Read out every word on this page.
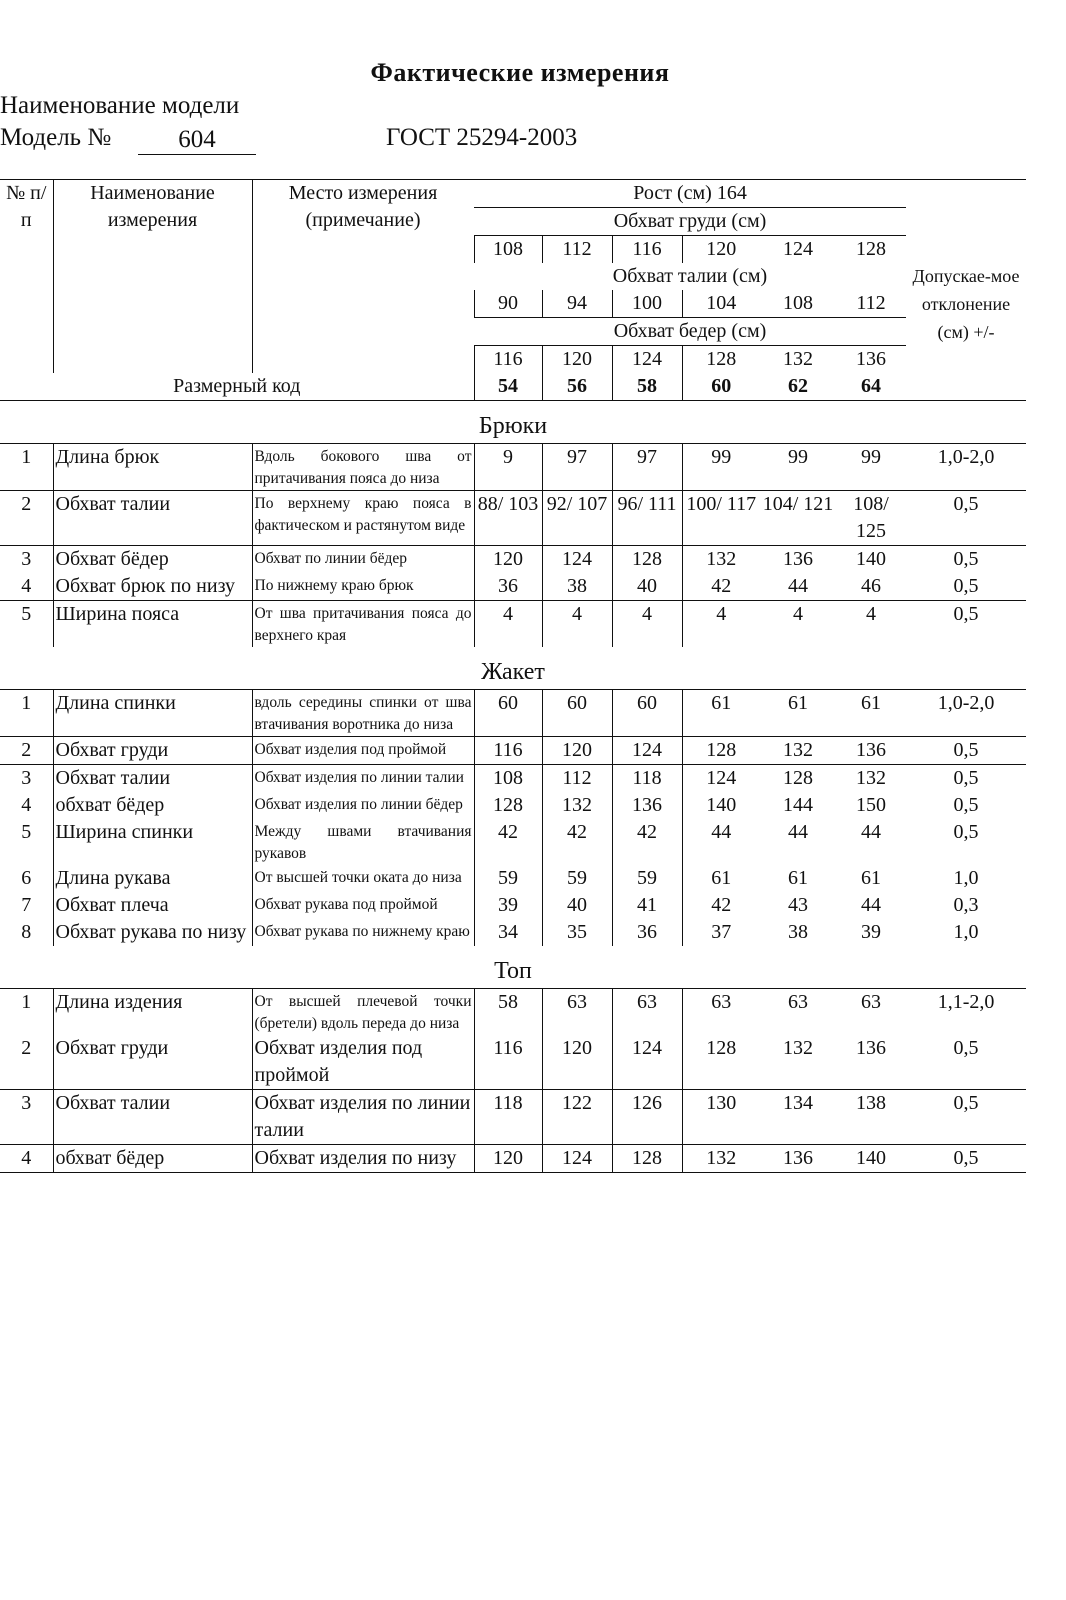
Фактические измерения
Наименование модели
Модель №	604	ГОСТ 25294-2003
№ п/ п	Наименование измерения	Место измерения (примечание)	Рост (см) 164						
			Обхват груди (см)						
			108	112	116	120	124	128	Допускае-мое отклонение (см) +/-
			Обхват талии (см)						
			90	94	100	104	108	112	
			Обхват бедер (см)						
			116	120	124	128	132	136	
Размерный код			54	56	58	60	62	64	
Брюки									
1	Длина брюк	Вдоль бокового шва от притачивания пояса до низа	9	97	97	99	99	99	1,0-2,0
2	Обхват талии	По верхнему краю пояса в фактическом и растянутом виде	88/ 103	92/ 107	96/ 111	100/ 117	104/ 121	108/ 125	0,5
3	Обхват бёдер	Обхват по линии бёдер	120	124	128	132	136	140	0,5
4	Обхват брюк по низу	По нижнему краю брюк	36	38	40	42	44	46	0,5
5	Ширина пояса	От шва притачивания пояса до верхнего края	4	4	4	4	4	4	0,5
Жакет									
1	Длина спинки	вдоль середины спинки от шва втачивания воротника до низа	60	60	60	61	61	61	1,0-2,0
2	Обхват груди	Обхват изделия под проймой	116	120	124	128	132	136	0,5
3	Обхват талии	Обхват изделия по линии талии	108	112	118	124	128	132	0,5
4	обхват бёдер	Обхват изделия по линии бёдер	128	132	136	140	144	150	0,5
5	Ширина спинки	Между швами втачивания рукавов	42	42	42	44	44	44	0,5
6	Длина рукава	От высшей точки оката до низа	59	59	59	61	61	61	1,0
7	Обхват плеча	Обхват рукава под проймой	39	40	41	42	43	44	0,3
8	Обхват рукава по низу	Обхват рукава по нижнему краю	34	35	36	37	38	39	1,0
Топ									
1	Длина издения	От высшей плечевой точки (бретели) вдоль переда до низа	58	63	63	63	63	63	1,1-2,0
2	Обхват груди	Обхват изделия под проймой	116	120	124	128	132	136	0,5
3	Обхват талии	Обхват изделия по линии талии	118	122	126	130	134	138	0,5
4	обхват бёдер	Обхват изделия по низу	120	124	128	132	136	140	0,5
